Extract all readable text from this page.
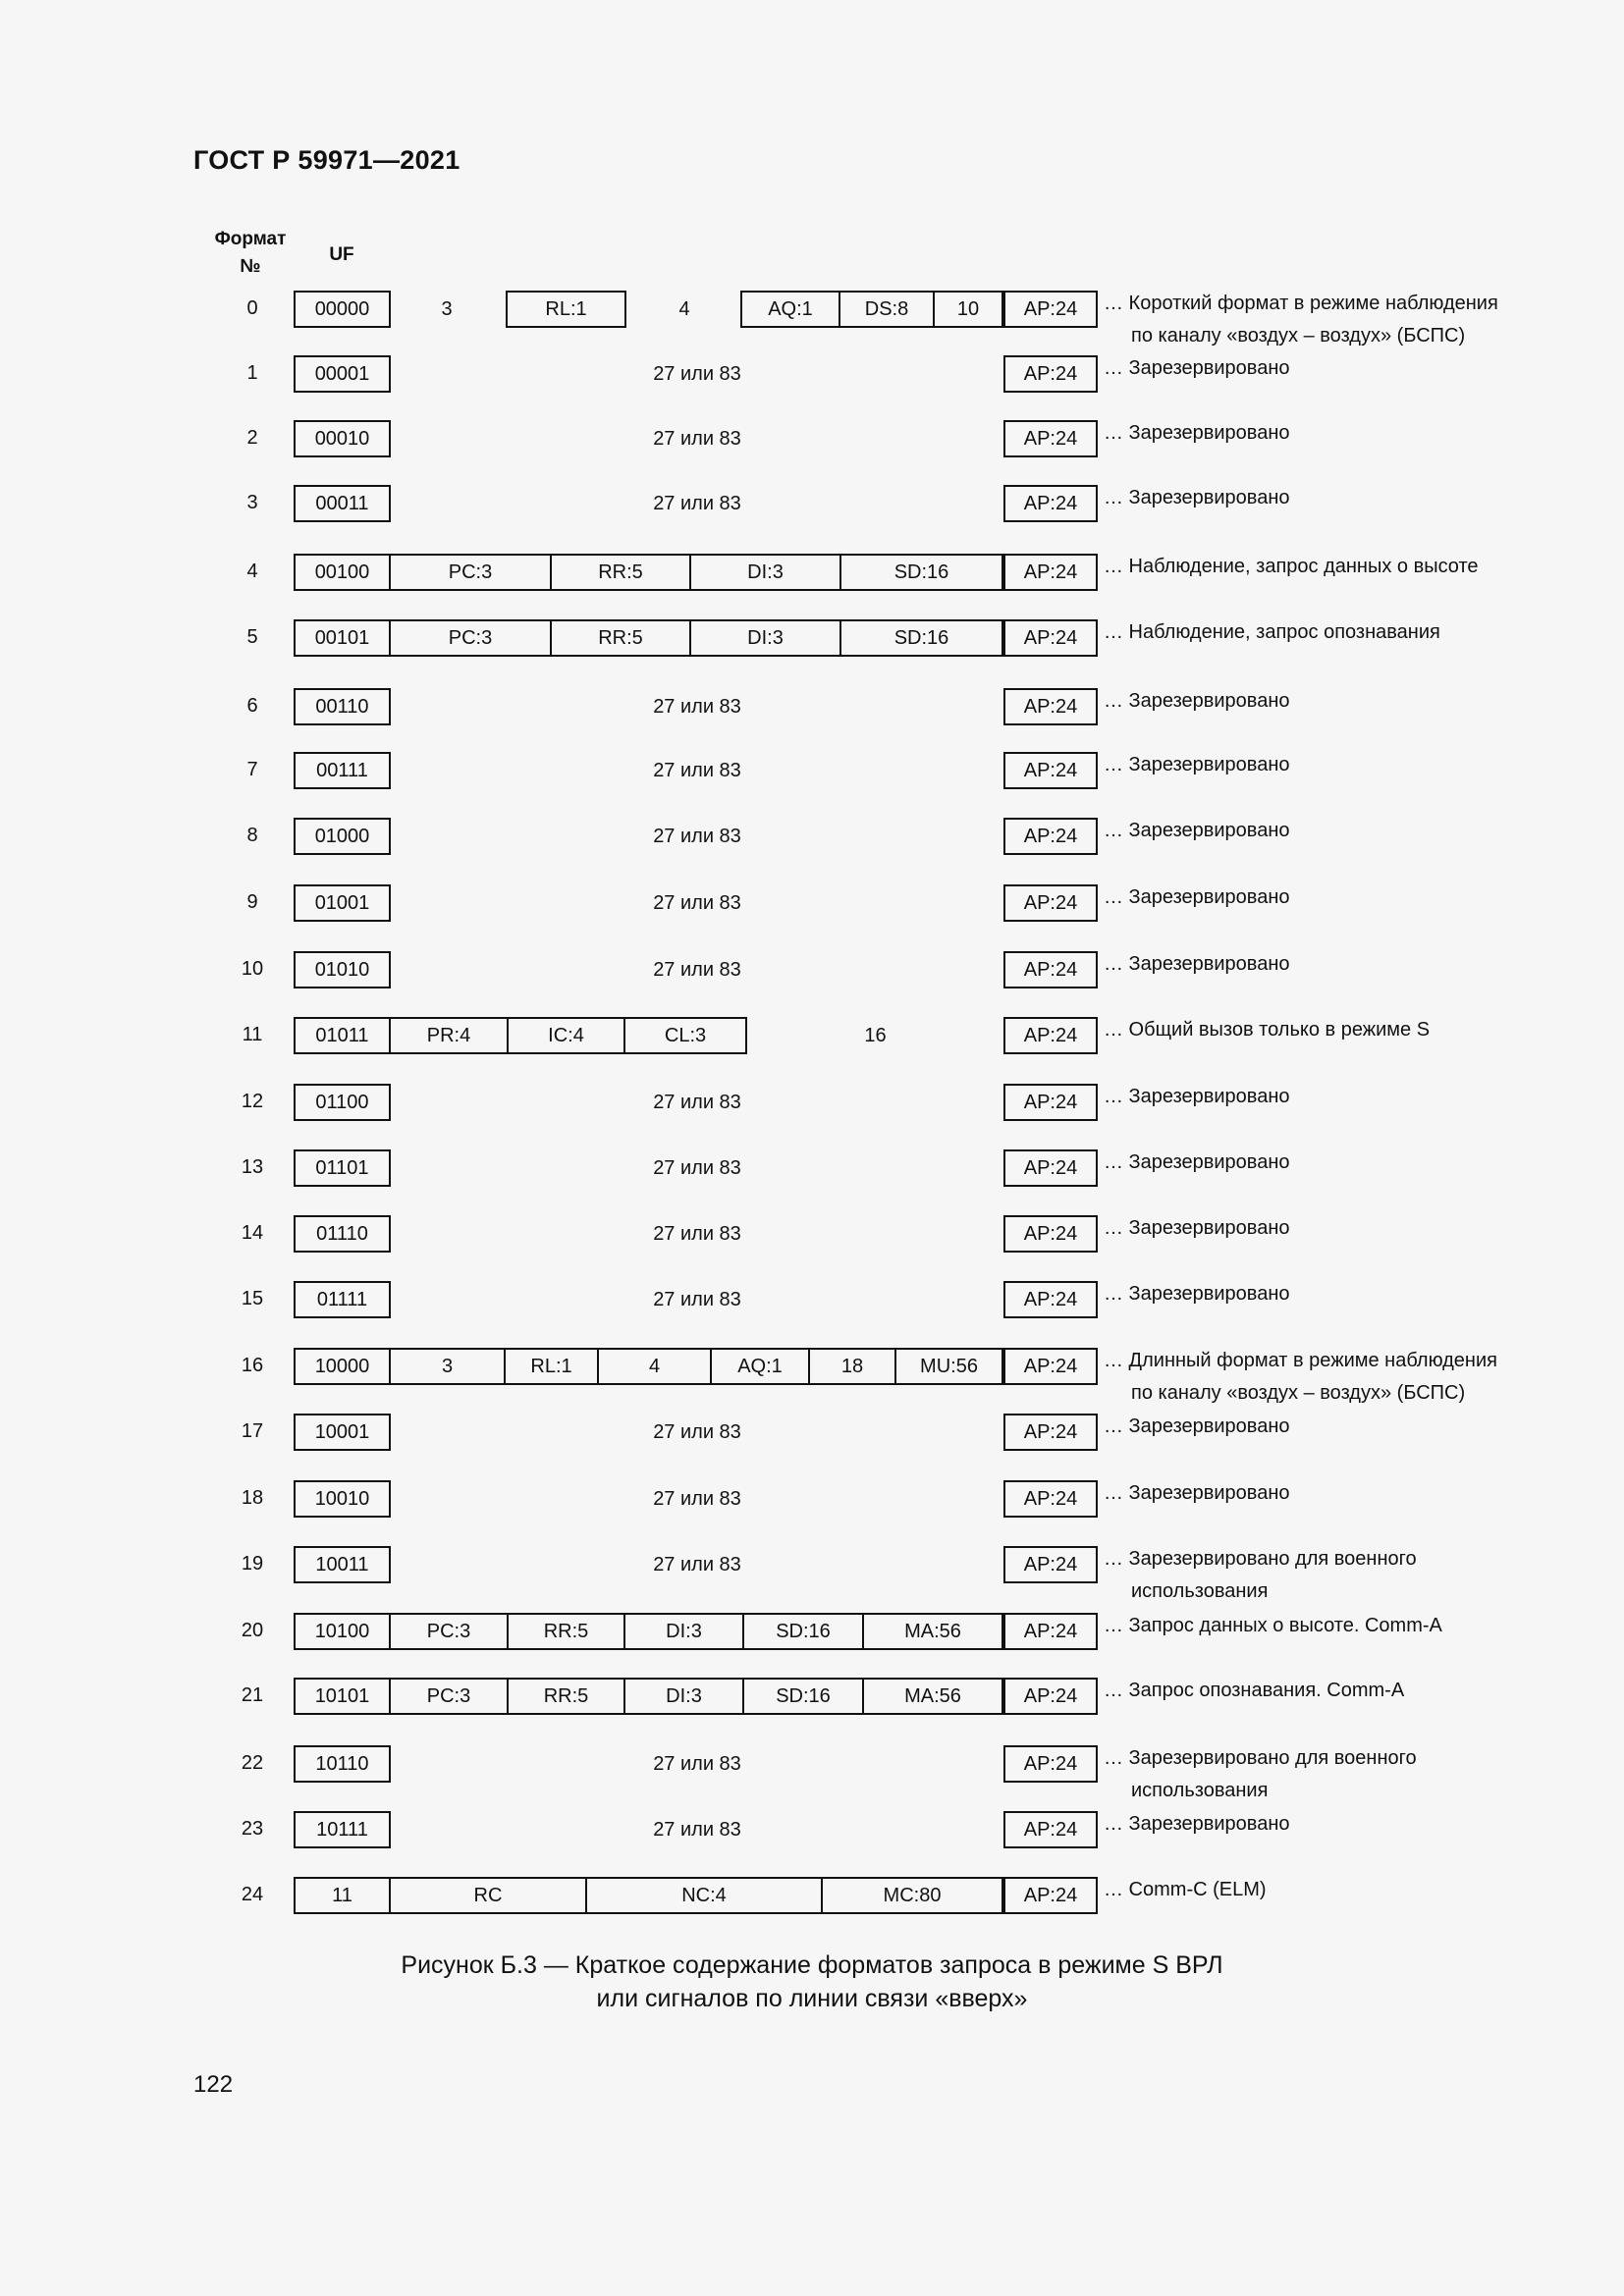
ГОСТ Р 59971—2021
Формат
№
UF
0	00000	3	RL:1	4	AQ:1	DS:8	10	AP:24	… Короткий формат в режиме наблюдения
по каналу «воздух – воздух» (БСПС)
1	00001	27 или 83	AP:24	… Зарезервировано
2	00010	27 или 83	AP:24	… Зарезервировано
3	00011	27 или 83	AP:24	… Зарезервировано
4	00100	PC:3	RR:5	DI:3	SD:16	AP:24	… Наблюдение, запрос данных о высоте
5	00101	PC:3	RR:5	DI:3	SD:16	AP:24	… Наблюдение, запрос опознавания
6	00110	27 или 83	AP:24	… Зарезервировано
7	00111	27 или 83	AP:24	… Зарезервировано
8	01000	27 или 83	AP:24	… Зарезервировано
9	01001	27 или 83	AP:24	… Зарезервировано
10	01010	27 или 83	AP:24	… Зарезервировано
11	01011	PR:4	IC:4	CL:3	16	AP:24	… Общий вызов только в режиме S
12	01100	27 или 83	AP:24	… Зарезервировано
13	01101	27 или 83	AP:24	… Зарезервировано
14	01110	27 или 83	AP:24	… Зарезервировано
15	01111	27 или 83	AP:24	… Зарезервировано
16	10000	3	RL:1	4	AQ:1	18	MU:56	AP:24	… Длинный формат в режиме наблюдения
по каналу «воздух – воздух» (БСПС)
17	10001	27 или 83	AP:24	… Зарезервировано
18	10010	27 или 83	AP:24	… Зарезервировано
19	10011	27 или 83	AP:24	… Зарезервировано для военного
использования
20	10100	PC:3	RR:5	DI:3	SD:16	MA:56	AP:24	… Запрос данных о высоте. Comm-A
21	10101	PC:3	RR:5	DI:3	SD:16	MA:56	AP:24	… Запрос опознавания. Comm-A
22	10110	27 или 83	AP:24	… Зарезервировано для военного
использования
23	10111	27 или 83	AP:24	… Зарезервировано
24	11	RC	NC:4	MC:80	AP:24	… Comm-C (ELM)
Рисунок Б.3 — Краткое содержание форматов запроса в режиме S ВРЛ
или сигналов по линии связи «вверх»
122
